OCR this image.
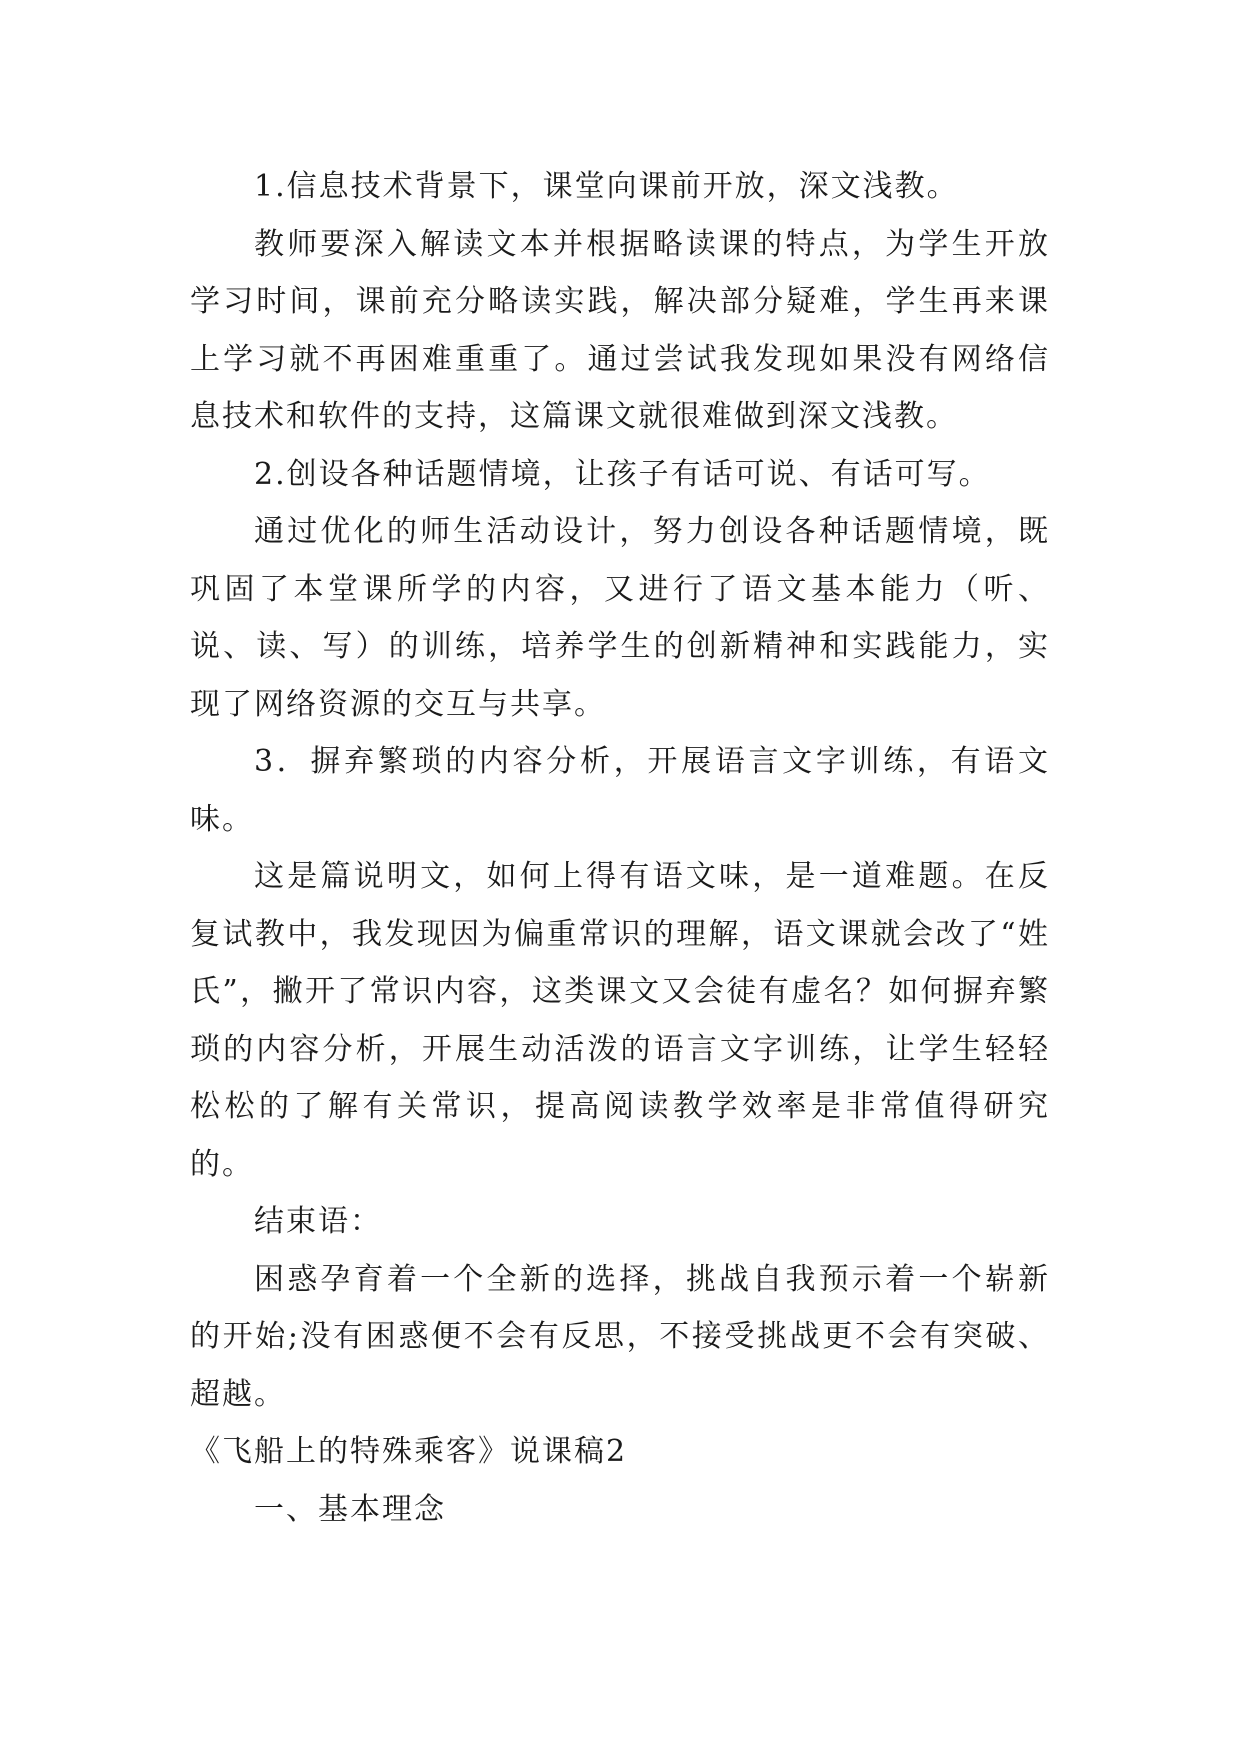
1.信息技术背景下，课堂向课前开放，深文浅教。

教师要深入解读文本并根据略读课的特点，为学生开放学习时间，课前充分略读实践，解决部分疑难，学生再来课上学习就不再困难重重了。通过尝试我发现如果没有网络信息技术和软件的支持，这篇课文就很难做到深文浅教。

2.创设各种话题情境，让孩子有话可说、有话可写。

通过优化的师生活动设计，努力创设各种话题情境，既巩固了本堂课所学的内容，又进行了语文基本能力（听、说、读、写）的训练，培养学生的创新精神和实践能力，实现了网络资源的交互与共享。

3．摒弃繁琐的内容分析，开展语言文字训练，有语文味。

这是篇说明文，如何上得有语文味，是一道难题。在反复试教中，我发现因为偏重常识的理解，语文课就会改了“姓氏”，撇开了常识内容，这类课文又会徒有虚名？如何摒弃繁琐的内容分析，开展生动活泼的语言文字训练，让学生轻轻松松的了解有关常识，提高阅读教学效率是非常值得研究的。

结束语：

困惑孕育着一个全新的选择，挑战自我预示着一个崭新的开始;没有困惑便不会有反思，不接受挑战更不会有突破、超越。

《飞船上的特殊乘客》说课稿2

一、基本理念
